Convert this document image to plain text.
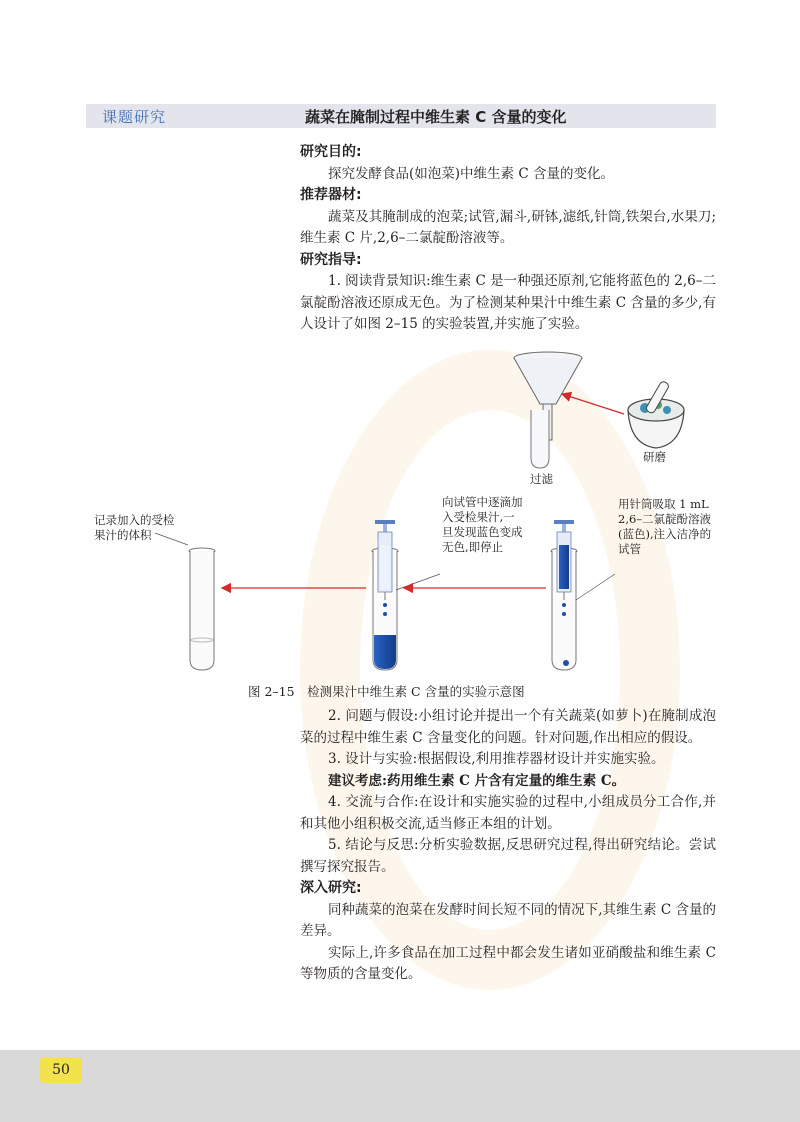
课题研究	蔬菜在腌制过程中维生素 C 含量的变化
研究目的:

探究发酵食品(如泡菜)中维生素 C 含量的变化。

推荐器材:

蔬菜及其腌制成的泡菜;试管,漏斗,研钵,滤纸,针筒,铁架台,水果刀;维生素 C 片,2,6–二氯靛酚溶液等。

研究指导:

1. 阅读背景知识:维生素 C 是一种强还原剂,它能将蓝色的 2,6–二氯靛酚溶液还原成无色。为了检测某种果汁中维生素 C 含量的多少,有人设计了如图 2–15 的实验装置,并实施了实验。

过滤
研磨
记录加入的受检果汁的体积
向试管中逐滴加入受检果汁,一旦发现蓝色变成无色,即停止
用针筒吸取 1 mL 2,6–二氯靛酚溶液(蓝色),注入洁净的试管
图 2–15　检测果汁中维生素 C 含量的实验示意图

2. 问题与假设:小组讨论并提出一个有关蔬菜(如萝卜)在腌制成泡菜的过程中维生素 C 含量变化的问题。针对问题,作出相应的假设。

3. 设计与实验:根据假设,利用推荐器材设计并实施实验。

建议考虑:药用维生素 C 片含有定量的维生素 C。

4. 交流与合作:在设计和实施实验的过程中,小组成员分工合作,并和其他小组积极交流,适当修正本组的计划。

5. 结论与反思:分析实验数据,反思研究过程,得出研究结论。尝试撰写探究报告。

深入研究:

同种蔬菜的泡菜在发酵时间长短不同的情况下,其维生素 C 含量的差异。

实际上,许多食品在加工过程中都会发生诸如亚硝酸盐和维生素 C 等物质的含量变化。

50
